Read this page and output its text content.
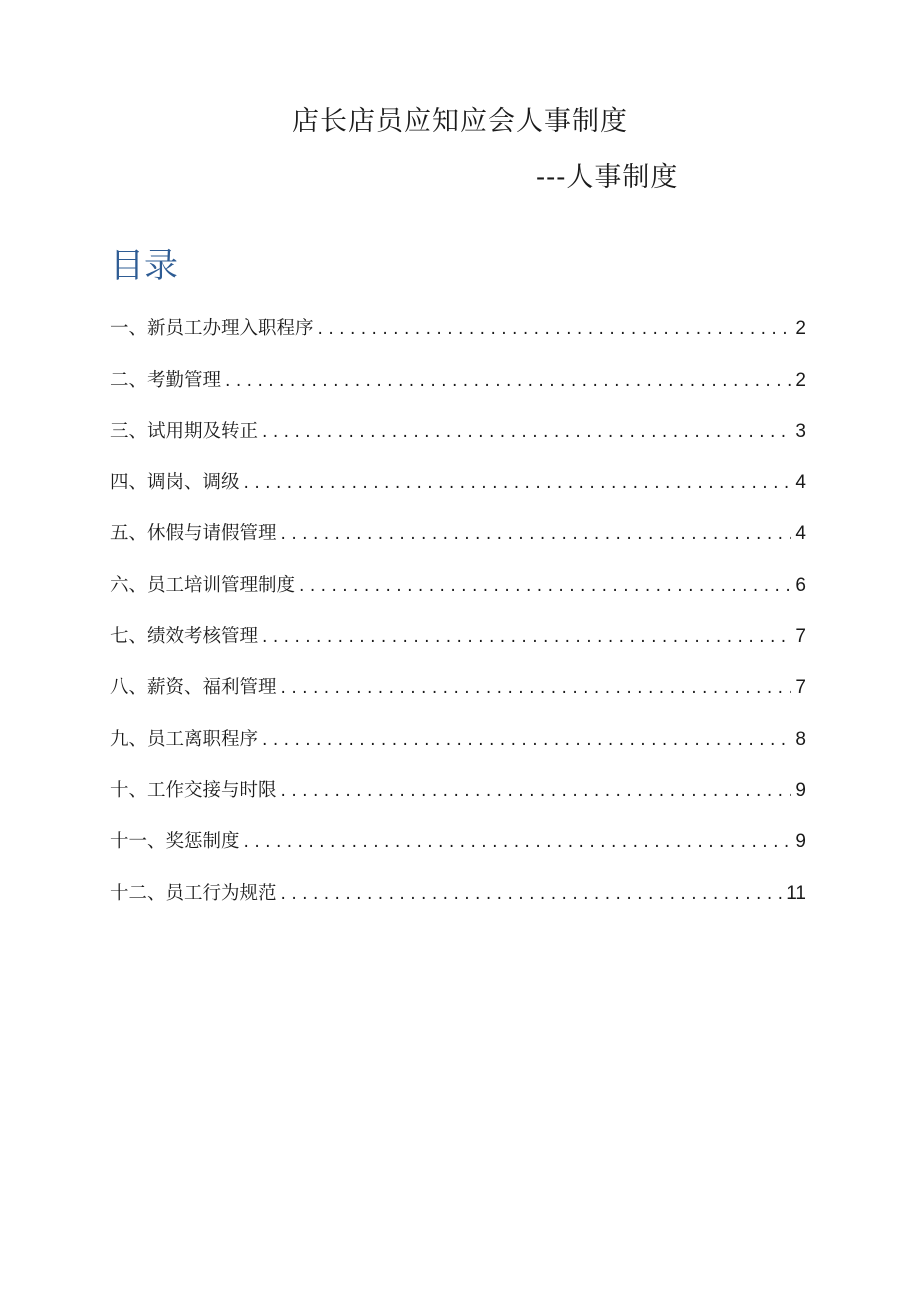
店长店员应知应会人事制度
---人事制度
目录
一、新员工办理入职程序 . . .	2
二、考勤管理 . . .	2
三、试用期及转正 . . .	3
四、调岗、调级 . . .	4
五、休假与请假管理 . . .	4
六、员工培训管理制度 . . .	6
七、绩效考核管理 . . .	7
八、薪资、福利管理 . . .	7
九、员工离职程序 . . .	8
十、工作交接与时限 . . .	9
十一、奖惩制度 . . .	9
十二、员工行为规范 . . .	11
